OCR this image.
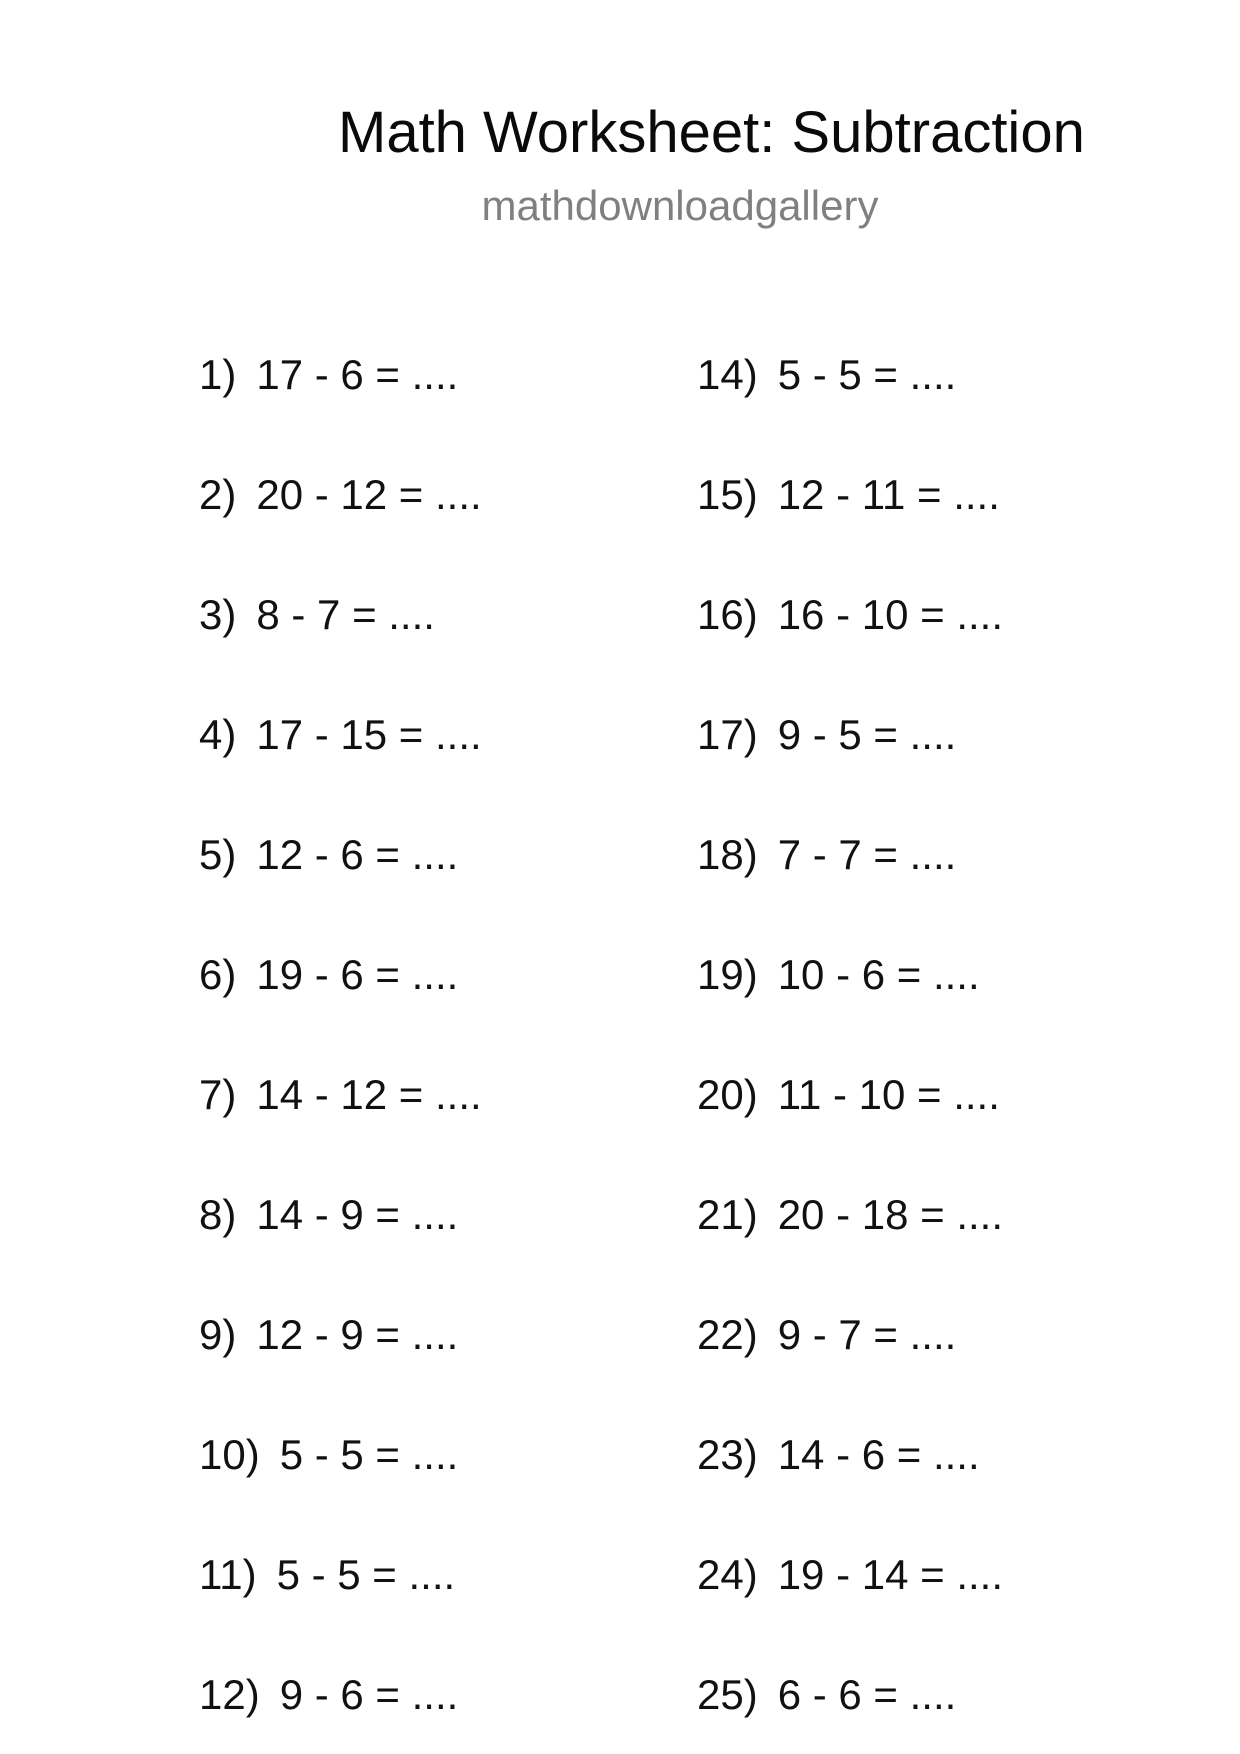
Math Worksheet: Subtraction
mathdownloadgallery
1) 17 - 6 = ....
2) 20 - 12 = ....
3) 8 - 7 = ....
4) 17 - 15 = ....
5) 12 - 6 = ....
6) 19 - 6 = ....
7) 14 - 12 = ....
8) 14 - 9 = ....
9) 12 - 9 = ....
10) 5 - 5 = ....
11) 5 - 5 = ....
12) 9 - 6 = ....
14) 5 - 5 = ....
15) 12 - 11 = ....
16) 16 - 10 = ....
17) 9 - 5 = ....
18) 7 - 7 = ....
19) 10 - 6 = ....
20) 11 - 10 = ....
21) 20 - 18 = ....
22) 9 - 7 = ....
23) 14 - 6 = ....
24) 19 - 14 = ....
25) 6 - 6 = ....
